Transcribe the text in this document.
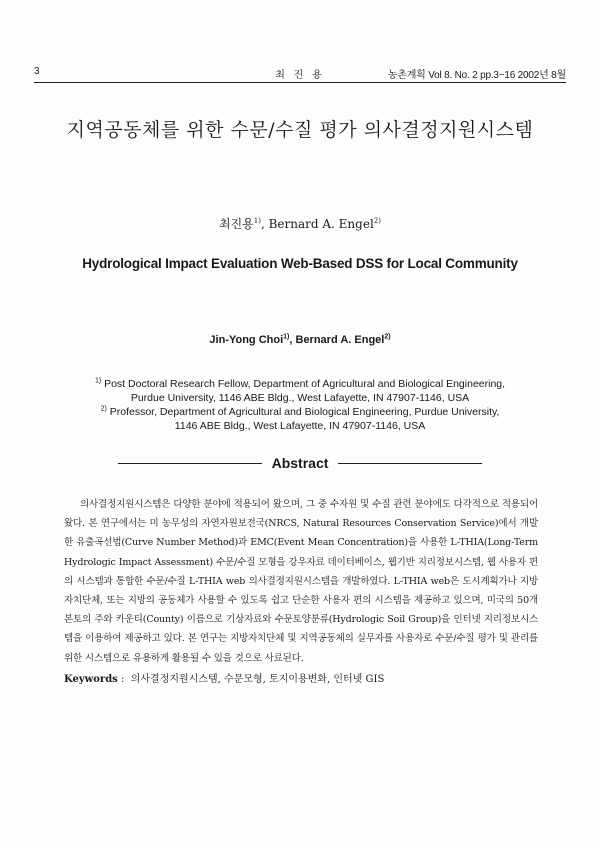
3	최 진 용	농촌계획 Vol 8. No. 2 pp.3~16 2002년 8월
지역공동체를 위한 수문/수질 평가 의사결정지원시스템
최진용$^{1)}$, Bernard A. Engel$^{2)}$
Hydrological Impact Evaluation Web-Based DSS for Local Community
Jin-Yong Choi$^{1)}$, Bernard A. Engel$^{2)}$
$^{1)}$ Post Doctoral Research Fellow, Department of Agricultural and Biological Engineering,
Purdue University, 1146 ABE Bldg., West Lafayette, IN 47907-1146, USA
$^{2)}$ Professor, Department of Agricultural and Biological Engineering, Purdue University,
1146 ABE Bldg., West Lafayette, IN 47907-1146, USA
Abstract
의사결정지원시스템은 다양한 분야에 적용되어 왔으며, 그 중 수자원 및 수질 관련 분야에도 다각적으로 적용되어 왔다. 본 연구에서는 미 농무성의 자연자원보전국(NRCS, Natural Resources Conservation Service)에서 개발한 유출곡선법(Curve Number Method)과 EMC(Event Mean Concentration)을 사용한 L-THIA(Long-Term Hydrologic Impact Assessment) 수문/수질 모형을 강우자료 데이터베이스, 웹기반 지리정보시스템, 웹 사용자 편의 시스템과 통합한 수문/수질 L-THIA web 의사결정지원시스템을 개발하였다. L-THIA web은 도시계획가나 지방자치단체, 또는 지방의 공동체가 사용할 수 있도록 쉽고 단순한 사용자 편의 시스템을 제공하고 있으며, 미국의 50개 본토의 주와 카운티(County) 이름으로 기상자료와 수문토양분류(Hydrologic Soil Group)을 인터넷 지리정보시스템을 이용하여 제공하고 있다. 본 연구는 지방자치단체 및 지역공동체의 실무자를 사용자로 수문/수질 평가 및 관리를 위한 시스템으로 유용하게 활용될 수 있을 것으로 사료된다.
Keywords :  의사결정지원시스템, 수문모형, 토지이용변화, 인터넷 GIS
